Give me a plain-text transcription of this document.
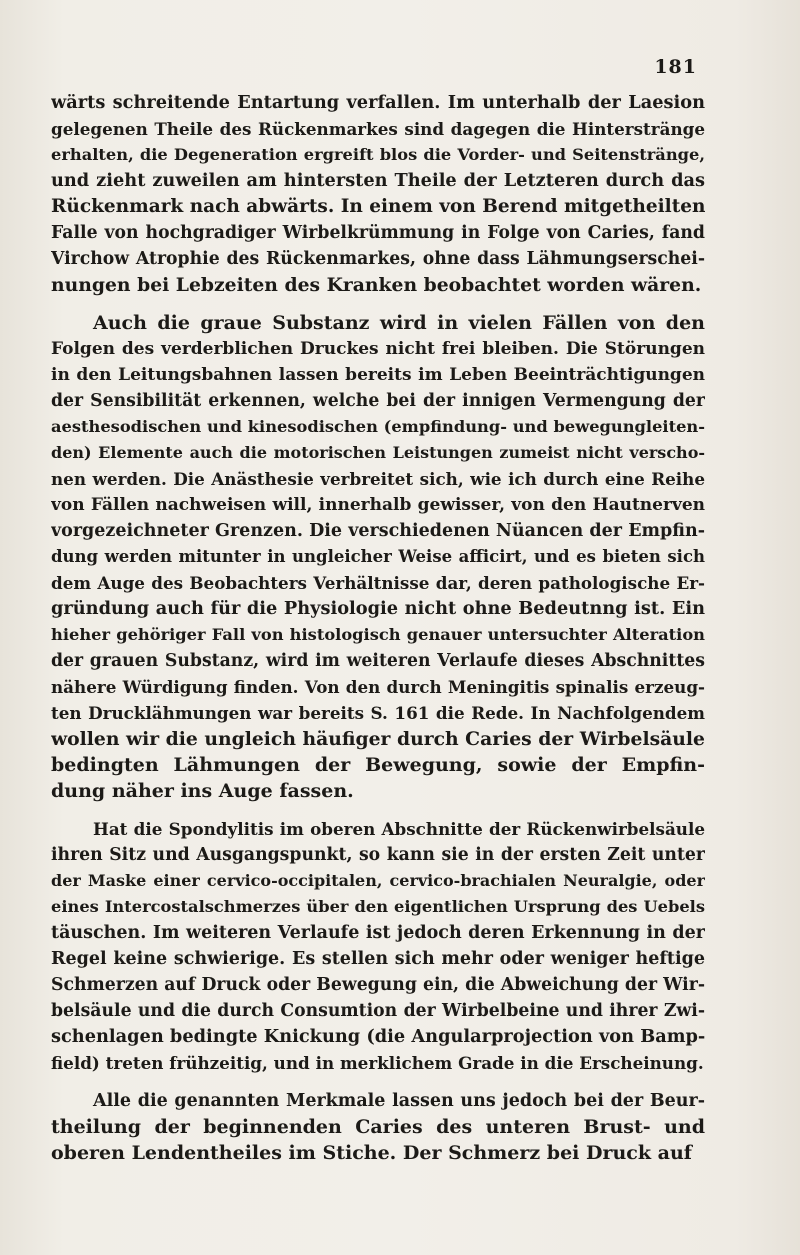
181
wärts schreitende Entartung verfallen. Im unterhalb der Laesion
gelegenen Theile des Rückenmarkes sind dagegen die Hinterstränge
erhalten, die Degeneration ergreift blos die Vorder- und Seitenstränge,
und zieht zuweilen am hintersten Theile der Letzteren durch das
Rückenmark nach abwärts. In einem von Berend mitgetheilten
Falle von hochgradiger Wirbelkrümmung in Folge von Caries, fand
Virchow Atrophie des Rückenmarkes, ohne dass Lähmungserschei-
nungen bei Lebzeiten des Kranken beobachtet worden wären.
Auch die graue Substanz wird in vielen Fällen von den
Folgen des verderblichen Druckes nicht frei bleiben. Die Störungen
in den Leitungsbahnen lassen bereits im Leben Beeinträchtigungen
der Sensibilität erkennen, welche bei der innigen Vermengung der
aesthesodischen und kinesodischen (empfindung- und bewegungleiten-
den) Elemente auch die motorischen Leistungen zumeist nicht verscho-
nen werden. Die Anästhesie verbreitet sich, wie ich durch eine Reihe
von Fällen nachweisen will, innerhalb gewisser, von den Hautnerven
vorgezeichneter Grenzen. Die verschiedenen Nüancen der Empfin-
dung werden mitunter in ungleicher Weise afficirt, und es bieten sich
dem Auge des Beobachters Verhältnisse dar, deren pathologische Er-
gründung auch für die Physiologie nicht ohne Bedeutnng ist. Ein
hieher gehöriger Fall von histologisch genauer untersuchter Alteration
der grauen Substanz, wird im weiteren Verlaufe dieses Abschnittes
nähere Würdigung finden. Von den durch Meningitis spinalis erzeug-
ten Drucklähmungen war bereits S. 161 die Rede. In Nachfolgendem
wollen wir die ungleich häufiger durch Caries der Wirbelsäule
bedingten Lähmungen der Bewegung, sowie der Empfin-
dung näher ins Auge fassen.
Hat die Spondylitis im oberen Abschnitte der Rückenwirbelsäule
ihren Sitz und Ausgangspunkt, so kann sie in der ersten Zeit unter
der Maske einer cervico-occipitalen, cervico-brachialen Neuralgie, oder
eines Intercostalschmerzes über den eigentlichen Ursprung des Uebels
täuschen. Im weiteren Verlaufe ist jedoch deren Erkennung in der
Regel keine schwierige. Es stellen sich mehr oder weniger heftige
Schmerzen auf Druck oder Bewegung ein, die Abweichung der Wir-
belsäule und die durch Consumtion der Wirbelbeine und ihrer Zwi-
schenlagen bedingte Knickung (die Angularprojection von Bamp-
field) treten frühzeitig, und in merklichem Grade in die Erscheinung.
Alle die genannten Merkmale lassen uns jedoch bei der Beur-
theilung der beginnenden Caries des unteren Brust- und
oberen Lendentheiles im Stiche. Der Schmerz bei Druck auf
